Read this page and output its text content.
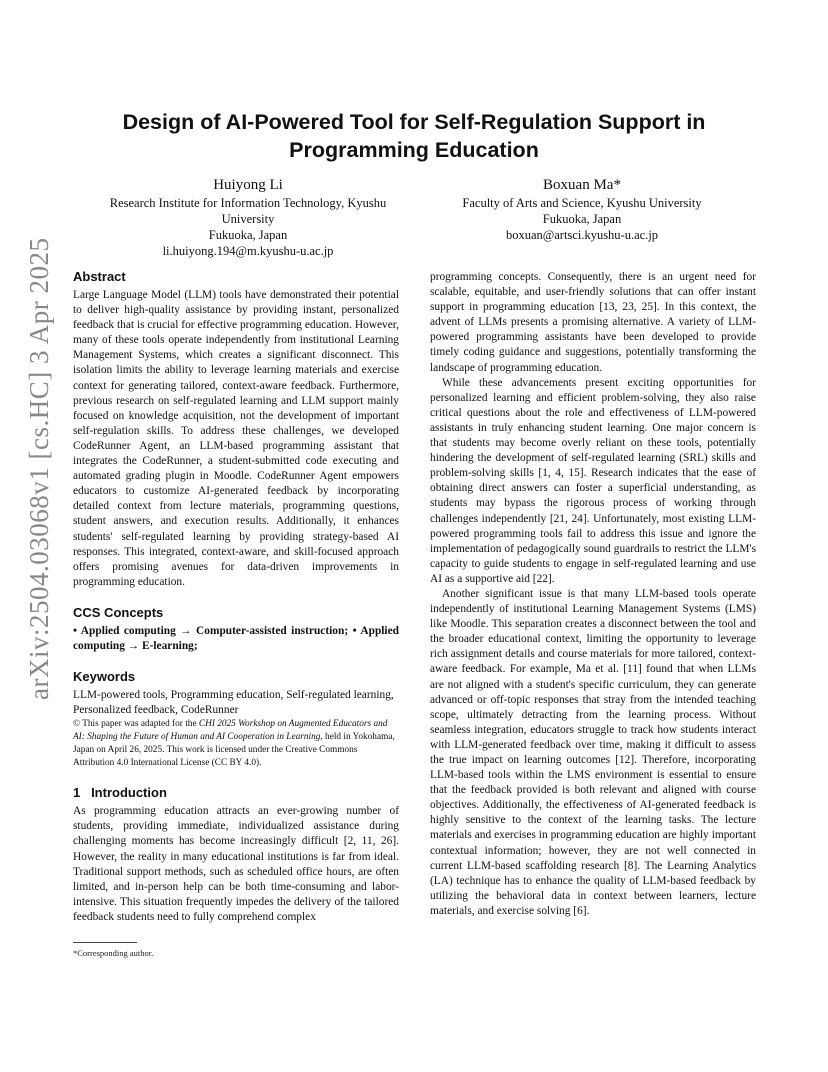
arXiv:2504.03068v1 [cs.HC] 3 Apr 2025
Design of AI-Powered Tool for Self-Regulation Support in Programming Education
Huiyong Li
Research Institute for Information Technology, Kyushu University
Fukuoka, Japan
li.huiyong.194@m.kyushu-u.ac.jp
Boxuan Ma*
Faculty of Arts and Science, Kyushu University
Fukuoka, Japan
boxuan@artsci.kyushu-u.ac.jp
Abstract

Large Language Model (LLM) tools have demonstrated their potential to deliver high-quality assistance by providing instant, personalized feedback that is crucial for effective programming education. However, many of these tools operate independently from institutional Learning Management Systems, which creates a significant disconnect. This isolation limits the ability to leverage learning materials and exercise context for generating tailored, context-aware feedback. Furthermore, previous research on self-regulated learning and LLM support mainly focused on knowledge acquisition, not the development of important self-regulation skills. To address these challenges, we developed CodeRunner Agent, an LLM-based programming assistant that integrates the CodeRunner, a student-submitted code executing and automated grading plugin in Moodle. CodeRunner Agent empowers educators to customize AI-generated feedback by incorporating detailed context from lecture materials, programming questions, student answers, and execution results. Additionally, it enhances students' self-regulated learning by providing strategy-based AI responses. This integrated, context-aware, and skill-focused approach offers promising avenues for data-driven improvements in programming education.

CCS Concepts

• Applied computing → Computer-assisted instruction; • Applied computing → E-learning;

Keywords

LLM-powered tools, Programming education, Self-regulated learning, Personalized feedback, CodeRunner

© This paper was adapted for the CHI 2025 Workshop on Augmented Educators and AI: Shaping the Future of Human and AI Cooperation in Learning, held in Yokohama, Japan on April 26, 2025. This work is licensed under the Creative Commons Attribution 4.0 International License (CC BY 4.0).

1   Introduction

As programming education attracts an ever-growing number of students, providing immediate, individualized assistance during challenging moments has become increasingly difficult [2, 11, 26]. However, the reality in many educational institutions is far from ideal. Traditional support methods, such as scheduled office hours, are often limited, and in-person help can be both time-consuming and labor-intensive. This situation frequently impedes the delivery of the tailored feedback students need to fully comprehend complex

programming concepts. Consequently, there is an urgent need for scalable, equitable, and user-friendly solutions that can offer instant support in programming education [13, 23, 25]. In this context, the advent of LLMs presents a promising alternative. A variety of LLM-powered programming assistants have been developed to provide timely coding guidance and suggestions, potentially transforming the landscape of programming education.

While these advancements present exciting opportunities for personalized learning and efficient problem-solving, they also raise critical questions about the role and effectiveness of LLM-powered assistants in truly enhancing student learning. One major concern is that students may become overly reliant on these tools, potentially hindering the development of self-regulated learning (SRL) skills and problem-solving skills [1, 4, 15]. Research indicates that the ease of obtaining direct answers can foster a superficial understanding, as students may bypass the rigorous process of working through challenges independently [21, 24]. Unfortunately, most existing LLM-powered programming tools fail to address this issue and ignore the implementation of pedagogically sound guardrails to restrict the LLM's capacity to guide students to engage in self-regulated learning and use AI as a supportive aid [22].

Another significant issue is that many LLM-based tools operate independently of institutional Learning Management Systems (LMS) like Moodle. This separation creates a disconnect between the tool and the broader educational context, limiting the opportunity to leverage rich assignment details and course materials for more tailored, context-aware feedback. For example, Ma et al. [11] found that when LLMs are not aligned with a student's specific curriculum, they can generate advanced or off-topic responses that stray from the intended teaching scope, ultimately detracting from the learning process. Without seamless integration, educators struggle to track how students interact with LLM-generated feedback over time, making it difficult to assess the true impact on learning outcomes [12]. Therefore, incorporating LLM-based tools within the LMS environment is essential to ensure that the feedback provided is both relevant and aligned with course objectives. Additionally, the effectiveness of AI-generated feedback is highly sensitive to the context of the learning tasks. The lecture materials and exercises in programming education are highly important contextual information; however, they are not well connected in current LLM-based scaffolding research [8]. The Learning Analytics (LA) technique has to enhance the quality of LLM-based feedback by utilizing the behavioral data in context between learners, lecture materials, and exercise solving [6].

*Corresponding author.
